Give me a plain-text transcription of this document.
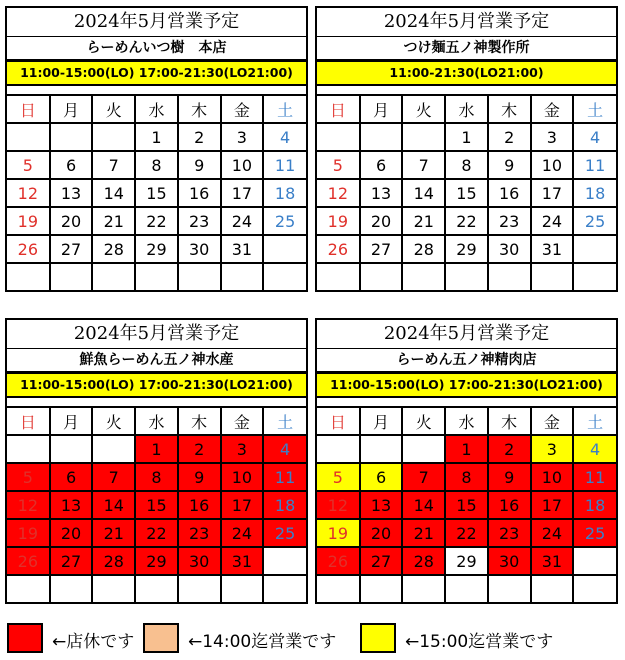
2024年5月営業予定
らーめんいつ樹　本店
11:00-15:00(LO) 17:00-21:30(LO21:00)
日	月	火	水	木	金	土
			1	2	3	4
5	6	7	8	9	10	11
12	13	14	15	16	17	18
19	20	21	22	23	24	25
26	27	28	29	30	31	

2024年5月営業予定
つけ麺五ノ神製作所
11:00-21:30(LO21:00)
日	月	火	水	木	金	土
			1	2	3	4
5	6	7	8	9	10	11
12	13	14	15	16	17	18
19	20	21	22	23	24	25
26	27	28	29	30	31	

2024年5月営業予定
鮮魚らーめん五ノ神水産
11:00-15:00(LO) 17:00-21:30(LO21:00)
日	月	火	水	木	金	土
			1	2	3	4
5	6	7	8	9	10	11
12	13	14	15	16	17	18
19	20	21	22	23	24	25
26	27	28	29	30	31	

2024年5月営業予定
らーめん五ノ神精肉店
11:00-15:00(LO) 17:00-21:30(LO21:00)
日	月	火	水	木	金	土
			1	2	3	4
5	6	7	8	9	10	11
12	13	14	15	16	17	18
19	20	21	22	23	24	25
26	27	28	29	30	31	

←店休です	←14:00迄営業です	←15:00迄営業です
